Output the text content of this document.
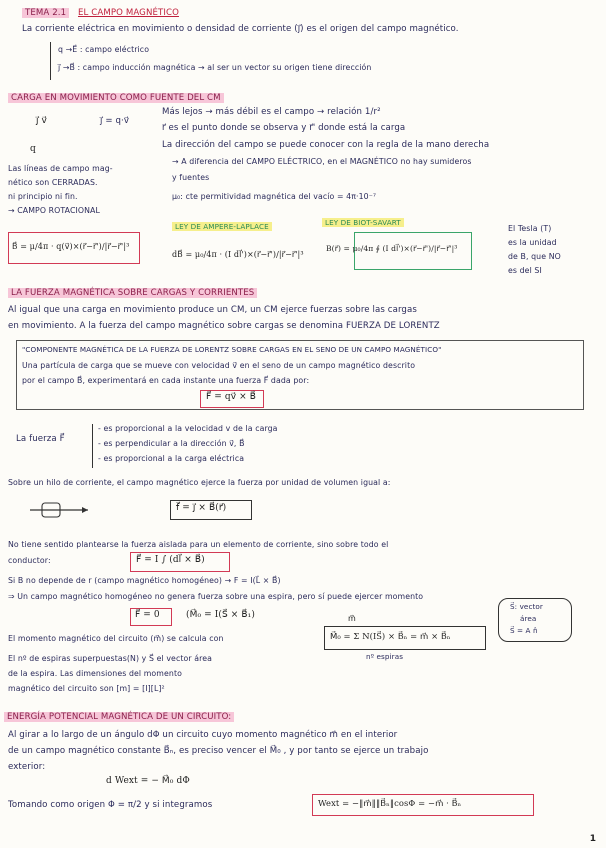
TEMA 2.1 EL CAMPO MAGNÉTICO
La corriente eléctrica en movimiento o densidad de corriente (j⃗) es el origen del campo magnético.
q →E⃗ : campo eléctrico
j⃗ →B⃗ : campo inducción magnética → al ser un vector su origen tiene dirección
CARGA EN MOVIMIENTO COMO FUENTE DEL CM
j⃗ v⃗
q
j⃗ = q·v⃗
Más lejos → más débil es el campo → relación 1/r²
r⃗ es el punto donde se observa y r⃗' donde está la carga
La dirección del campo se puede conocer con la regla de la mano derecha
→ A diferencia del CAMPO ELÉCTRICO, en el MAGNÉTICO no hay sumideros
y fuentes
Las líneas de campo mag-
nético son CERRADAS.
ni principio ni fin.
→ CAMPO ROTACIONAL
μ₀: cte permitividad magnética del vacío = 4π·10⁻⁷
LEY DE AMPERE-LAPLACE	LEY DE BIOT-SAVART
B⃗ = μ/4π · q(v⃗)×(r⃗−r⃗')/|r⃗−r⃗'|³
dB⃗ = μ₀/4π · (I dl⃗')×(r⃗−r⃗')/|r⃗−r⃗'|³
B(r⃗) = μ₀/4π ∮ (I dl⃗')×(r⃗−r⃗')/|r⃗−r⃗'|³
El Tesla (T)
es la unidad
de B, que NO
es del SI
LA FUERZA MAGNÉTICA SOBRE CARGAS Y CORRIENTES
Al igual que una carga en movimiento produce un CM, un CM ejerce fuerzas sobre las cargas
en movimiento. A la fuerza del campo magnético sobre cargas se denomina FUERZA DE LORENTZ
"COMPONENTE MAGNÉTICA DE LA FUERZA DE LORENTZ SOBRE CARGAS EN EL SENO DE UN CAMPO MAGNÉTICO"
Una partícula de carga que se mueve con velocidad v⃗ en el seno de un campo magnético descrito
por el campo B⃗, experimentará en cada instante una fuerza F⃗ dada por:
F⃗ = qv⃗ × B⃗
La fuerza F⃗
- es proporcional a la velocidad v de la carga
- es perpendicular a la dirección v⃗, B⃗
- es proporcional a la carga eléctrica
Sobre un hilo de corriente, el campo magnético ejerce la fuerza por unidad de volumen igual a:
f⃗ = j⃗ × B⃗(r⃗)
No tiene sentido plantearse la fuerza aislada para un elemento de corriente, sino sobre todo el
conductor:	F⃗ = I ∫ (dl⃗ × B⃗)
Si B no depende de r (campo magnético homogéneo) → F = I(L⃗ × B⃗)
⇒ Un campo magnético homogéneo no genera fuerza sobre una espira, pero sí puede ejercer momento
F⃗ = 0	(M⃗₀ = I(S⃗ × B⃗₁)
S⃗: vector
área
S⃗ = A n̂
m⃗
El momento magnético del circuito (m⃗) se calcula con	M⃗₀ = Σ N(IS⃗) × B⃗ₙ = m⃗ × B⃗ₙ
nº espiras
El nº de espiras superpuestas(N) y S⃗ el vector área
de la espira. Las dimensiones del momento
magnético del circuito son [m] = [I][L]²
ENERGÍA POTENCIAL MAGNÉTICA DE UN CIRCUITO:
Al girar a lo largo de un ángulo dΦ un circuito cuyo momento magnético m⃗ en el interior
de un campo magnético constante B⃗ₙ, es preciso vencer el M⃗₀ , y por tanto se ejerce un trabajo
exterior:
d Wext = − M⃗₀ dΦ
Tomando como origen Φ = π/2 y si integramos	Wext = −‖m⃗‖‖B⃗ₙ‖cosΦ = −m⃗ · B⃗ₙ
1
